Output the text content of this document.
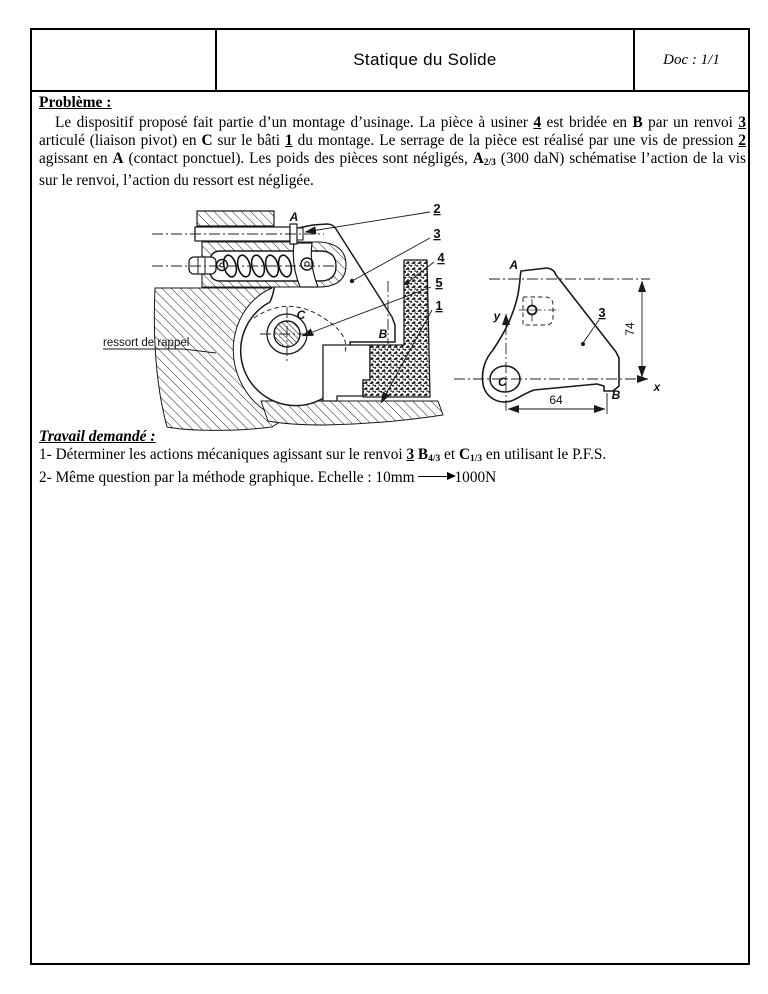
Statique du Solide	Doc : 1/1
Problème :

Le dispositif proposé fait partie d’un montage d’usinage. La pièce à usiner 4 est bridée en B par un renvoi 3 articulé (liaison pivot) en C sur le bâti 1 du montage. Le serrage de la pièce est réalisé par une vis de pression 2 agissant en A (contact ponctuel). Les poids des pièces sont négligés, $A_{2/3}$ (300 daN) schématise l’action de la vis sur le renvoi, l’action du ressort est négligée.

2
3
4
5
1
A
C
B
ressort de rappel
74
64
3
A
y
x
C
B
Travail demandé :
1- Déterminer les actions mécaniques agissant sur le renvoi 3 $B_{4/3}$ et $C_{1/3}$ en utilisant le P.F.S.
2- Même question par la méthode graphique. Echelle : 10mm	1000N
